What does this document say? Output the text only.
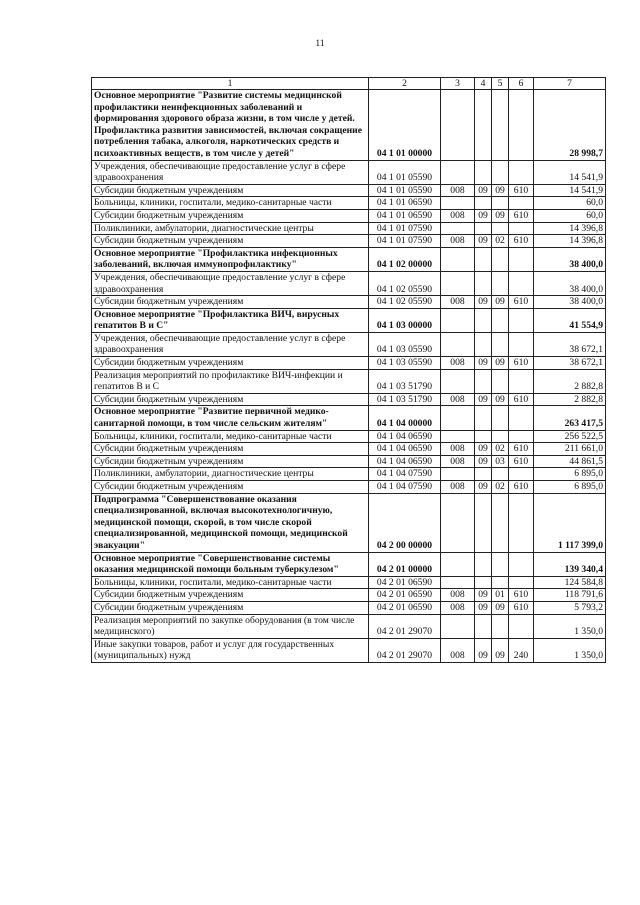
11
1	2	3	4	5	6	7
Основное мероприятие "Развитие системы медицинской профилактики неинфекционных заболеваний и формирования здорового образа жизни, в том числе у детей. Профилактика развития зависимостей, включая сокращение потребления табака, алкоголя, наркотических средств и психоактивных веществ, в том числе у детей"	04 1 01 00000					28 998,7
Учреждения, обеспечивающие предоставление услуг в сфере здравоохранения	04 1 01 05590					14 541,9
Субсидии бюджетным учреждениям	04 1 01 05590	008	09	09	610	14 541,9
Больницы, клиники, госпитали, медико-санитарные части	04 1 01 06590					60,0
Субсидии бюджетным учреждениям	04 1 01 06590	008	09	09	610	60,0
Поликлиники, амбулатории, диагностические центры	04 1 01 07590					14 396,8
Субсидии бюджетным учреждениям	04 1 01 07590	008	09	02	610	14 396,8
Основное мероприятие "Профилактика инфекционных заболеваний, включая иммунопрофилактику"	04 1 02 00000					38 400,0
Учреждения, обеспечивающие предоставление услуг в сфере здравоохранения	04 1 02 05590					38 400,0
Субсидии бюджетным учреждениям	04 1 02 05590	008	09	09	610	38 400,0
Основное мероприятие "Профилактика ВИЧ, вирусных гепатитов В и С"	04 1 03 00000					41 554,9
Учреждения, обеспечивающие предоставление услуг в сфере здравоохранения	04 1 03 05590					38 672,1
Субсидии бюджетным учреждениям	04 1 03 05590	008	09	09	610	38 672,1
Реализация мероприятий по профилактике ВИЧ-инфекции и гепатитов В и С	04 1 03 51790					2 882,8
Субсидии бюджетным учреждениям	04 1 03 51790	008	09	09	610	2 882,8
Основное мероприятие "Развитие первичной медико-санитарной помощи, в том числе сельским жителям"	04 1 04 00000					263 417,5
Больницы, клиники, госпитали, медико-санитарные части	04 1 04 06590					256 522,5
Субсидии бюджетным учреждениям	04 1 04 06590	008	09	02	610	211 661,0
Субсидии бюджетным учреждениям	04 1 04 06590	008	09	03	610	44 861,5
Поликлиники, амбулатории, диагностические центры	04 1 04 07590					6 895,0
Субсидии бюджетным учреждениям	04 1 04 07590	008	09	02	610	6 895,0
Подпрограмма "Совершенствование оказания специализированной, включая высокотехнологичную, медицинской помощи, скорой, в том числе скорой специализированной, медицинской помощи, медицинской эвакуации"	04 2 00 00000					1 117 399,0
Основное мероприятие "Совершенствование системы оказания медицинской помощи больным туберкулезом"	04 2 01 00000					139 340,4
Больницы, клиники, госпитали, медико-санитарные части	04 2 01 06590					124 584,8
Субсидии бюджетным учреждениям	04 2 01 06590	008	09	01	610	118 791,6
Субсидии бюджетным учреждениям	04 2 01 06590	008	09	09	610	5 793,2
Реализация мероприятий по закупке оборудования (в том числе медицинского)	04 2 01 29070					1 350,0
Иные закупки товаров, работ и услуг для государственных (муниципальных) нужд	04 2 01 29070	008	09	09	240	1 350,0
